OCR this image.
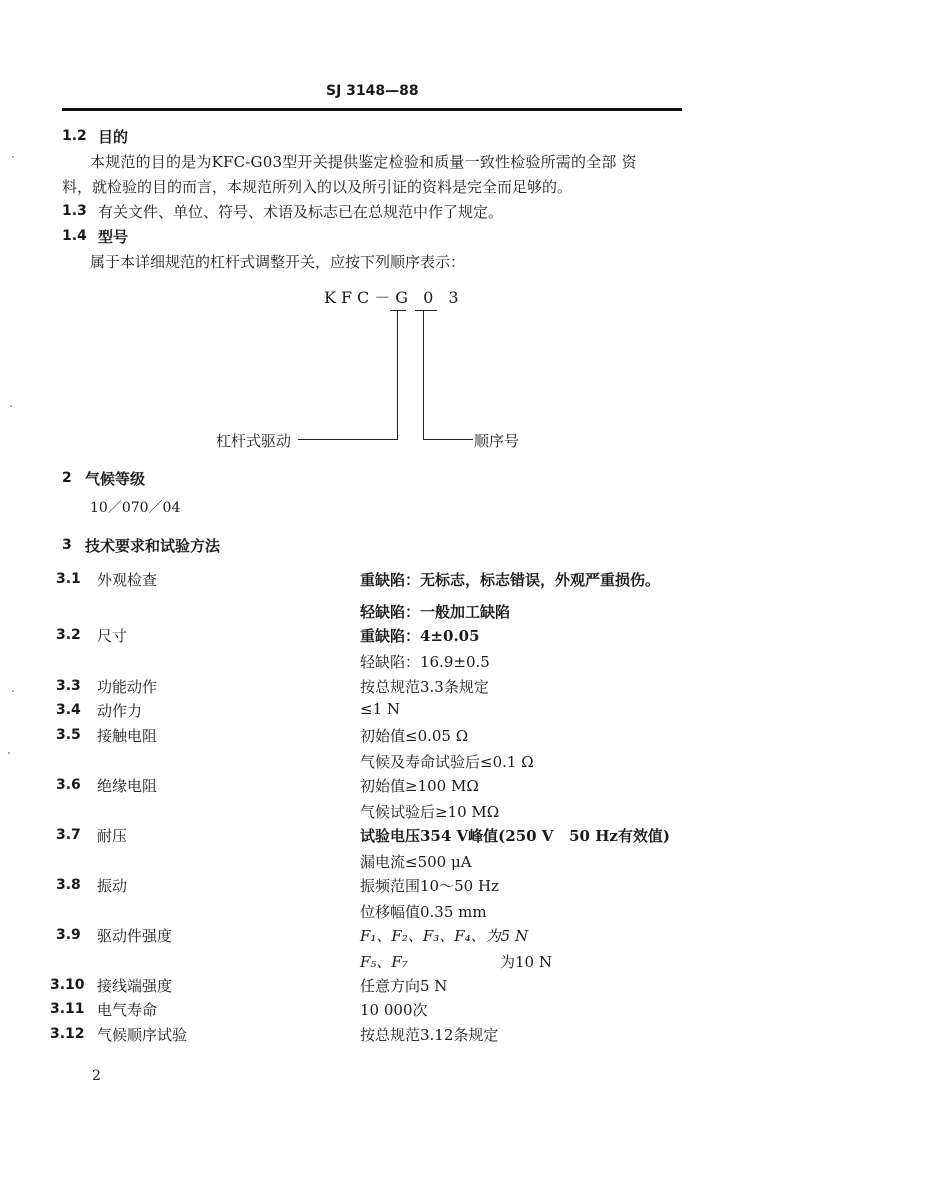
SJ 3148—88
1.2 目的
本规范的目的是为KFC-G03型开关提供鉴定检验和质量一致性检验所需的全部 资
料，就检验的目的而言，本规范所列入的以及所引证的资料是完全而足够的。
1.3 有关文件、单位、符号、术语及标志已在总规范中作了规定。
1.4 型号
属于本详细规范的杠杆式调整开关，应按下列顺序表示：
KFC－G 0 3
杠杆式驱动	顺序号
2 气候等级
10／070／04
3 技术要求和试验方法
3.1 外观检查	重缺陷：无标志，标志错误，外观严重损伤。
轻缺陷：一般加工缺陷
3.2 尺寸	重缺陷：4±0.05
轻缺陷：16.9±0.5
3.3 功能动作	按总规范3.3条规定
3.4 动作力	≤1 N
3.5 接触电阻	初始值≤0.05 Ω
气候及寿命试验后≤0.1 Ω
3.6 绝缘电阻	初始值≥100 MΩ
气候试验后≥10 MΩ
3.7 耐压	试验电压354 V峰值(250 V   50 Hz有效值)
漏电流≤500 μA
3.8 振动	振频范围10～50 Hz
位移幅值0.35 mm
3.9 驱动件强度	F₁、F₂、F₃、F₄、为5 N
F₅、F₇	为10 N
3.10 接线端强度	任意方向5 N
3.11 电气寿命	10 000次
3.12 气候顺序试验	按总规范3.12条规定
2
